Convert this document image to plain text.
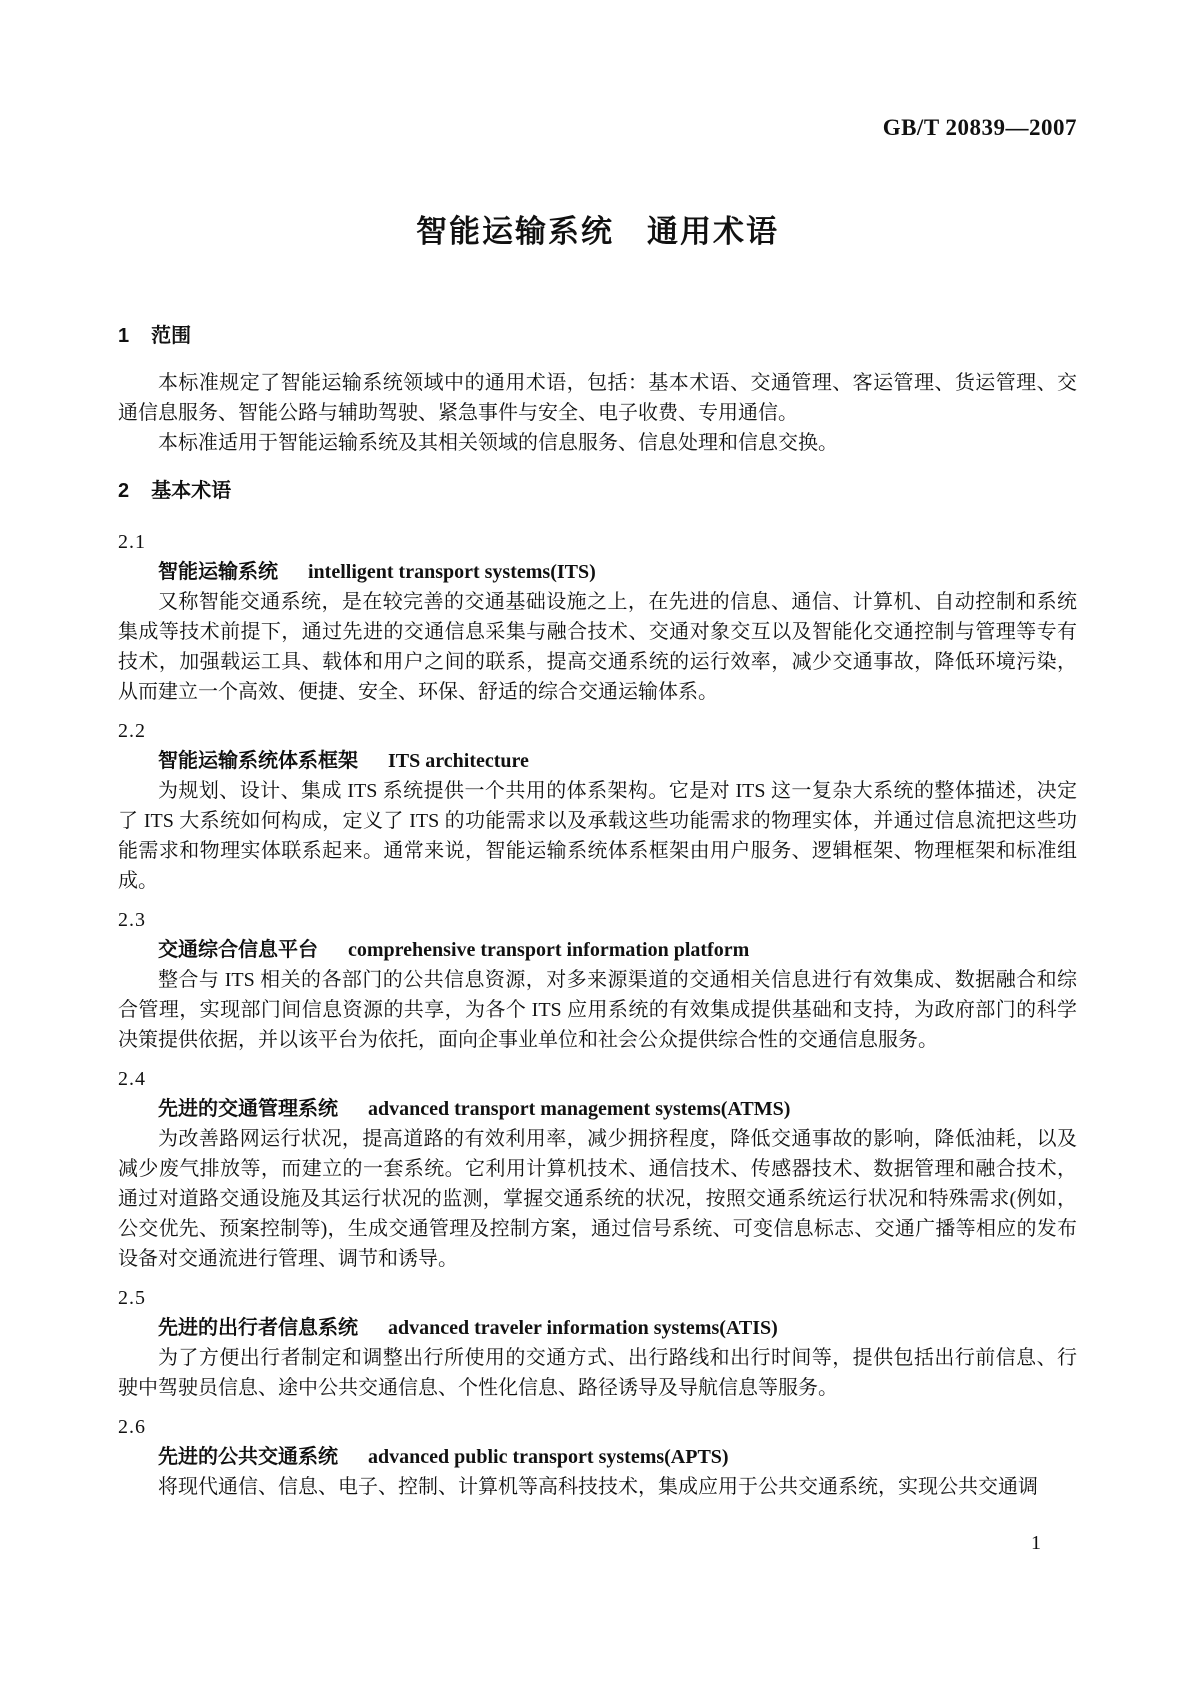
GB/T 20839—2007
智能运输系统　通用术语
1 范围

本标准规定了智能运输系统领域中的通用术语，包括：基本术语、交通管理、客运管理、货运管理、交通信息服务、智能公路与辅助驾驶、紧急事件与安全、电子收费、专用通信。

本标准适用于智能运输系统及其相关领域的信息服务、信息处理和信息交换。

2 基本术语

2.1

智能运输系统 intelligent transport systems(ITS)

又称智能交通系统，是在较完善的交通基础设施之上，在先进的信息、通信、计算机、自动控制和系统集成等技术前提下，通过先进的交通信息采集与融合技术、交通对象交互以及智能化交通控制与管理等专有技术，加强载运工具、载体和用户之间的联系，提高交通系统的运行效率，减少交通事故，降低环境污染，从而建立一个高效、便捷、安全、环保、舒适的综合交通运输体系。

2.2

智能运输系统体系框架 ITS architecture

为规划、设计、集成 ITS 系统提供一个共用的体系架构。它是对 ITS 这一复杂大系统的整体描述，决定了 ITS 大系统如何构成，定义了 ITS 的功能需求以及承载这些功能需求的物理实体，并通过信息流把这些功能需求和物理实体联系起来。通常来说，智能运输系统体系框架由用户服务、逻辑框架、物理框架和标准组成。

2.3

交通综合信息平台 comprehensive transport information platform

整合与 ITS 相关的各部门的公共信息资源，对多来源渠道的交通相关信息进行有效集成、数据融合和综合管理，实现部门间信息资源的共享，为各个 ITS 应用系统的有效集成提供基础和支持，为政府部门的科学决策提供依据，并以该平台为依托，面向企事业单位和社会公众提供综合性的交通信息服务。

2.4

先进的交通管理系统 advanced transport management systems(ATMS)

为改善路网运行状况，提高道路的有效利用率，减少拥挤程度，降低交通事故的影响，降低油耗，以及减少废气排放等，而建立的一套系统。它利用计算机技术、通信技术、传感器技术、数据管理和融合技术，通过对道路交通设施及其运行状况的监测，掌握交通系统的状况，按照交通系统运行状况和特殊需求(例如，公交优先、预案控制等)，生成交通管理及控制方案，通过信号系统、可变信息标志、交通广播等相应的发布设备对交通流进行管理、调节和诱导。

2.5

先进的出行者信息系统 advanced traveler information systems(ATIS)

为了方便出行者制定和调整出行所使用的交通方式、出行路线和出行时间等，提供包括出行前信息、行驶中驾驶员信息、途中公共交通信息、个性化信息、路径诱导及导航信息等服务。

2.6

先进的公共交通系统 advanced public transport systems(APTS)

将现代通信、信息、电子、控制、计算机等高科技技术，集成应用于公共交通系统，实现公共交通调

1
